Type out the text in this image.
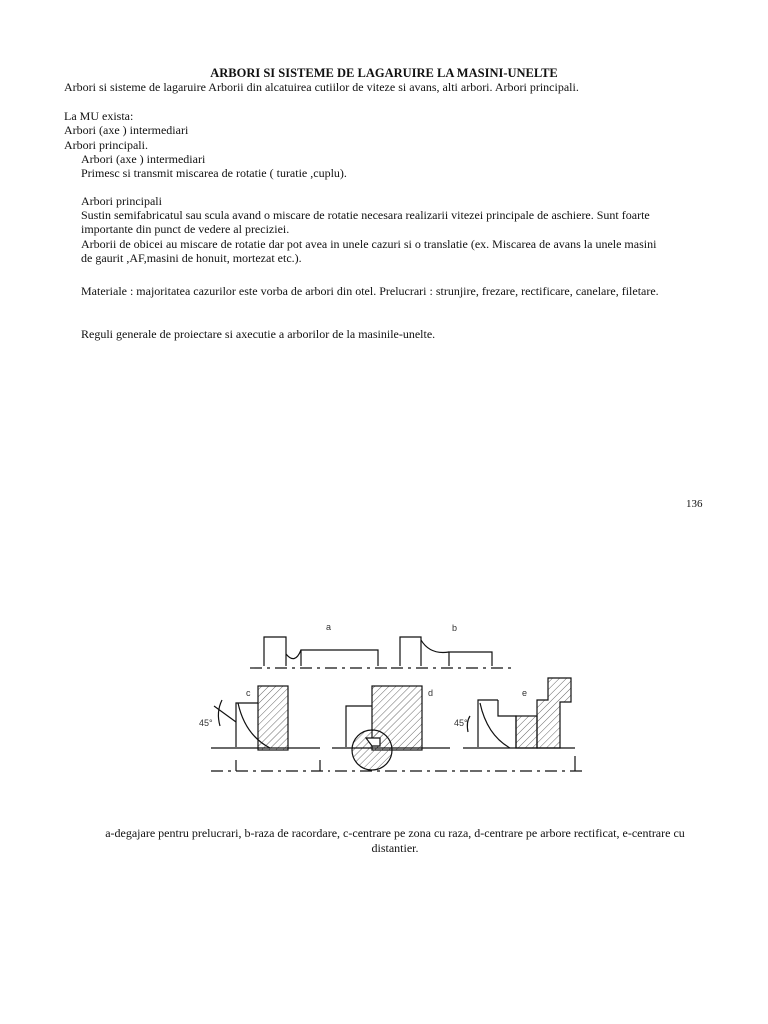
ARBORI SI SISTEME DE LAGARUIRE LA MASINI-UNELTE
Arbori si sisteme de lagaruire Arborii din alcatuirea cutiilor de viteze si avans, alti arbori. Arbori principali.
La MU exista:
Arbori (axe ) intermediari
Arbori principali.
Arbori (axe ) intermediari
Primesc si transmit miscarea de rotatie ( turatie ,cuplu).
Arbori principali
Sustin semifabricatul sau scula avand o miscare de rotatie necesara realizarii vitezei principale de aschiere. Sunt foarte
importante din punct de vedere al preciziei.
Arborii de obicei au miscare de rotatie dar pot avea in unele cazuri si o translatie (ex. Miscarea de avans la unele masini
de gaurit ,AF,masini de honuit, mortezat etc.).
Materiale : majoritatea cazurilor este vorba de arbori din otel. Prelucrari : strunjire, frezare, rectificare, canelare, filetare.
Reguli generale de proiectare si axecutie a arborilor de la masinile-unelte.
136
a	b
c	d	e
45°	45°
a-degajare pentru prelucrari, b-raza de racordare, c-centrare pe zona cu raza, d-centrare pe arbore rectificat, e-centrare cu
distantier.
